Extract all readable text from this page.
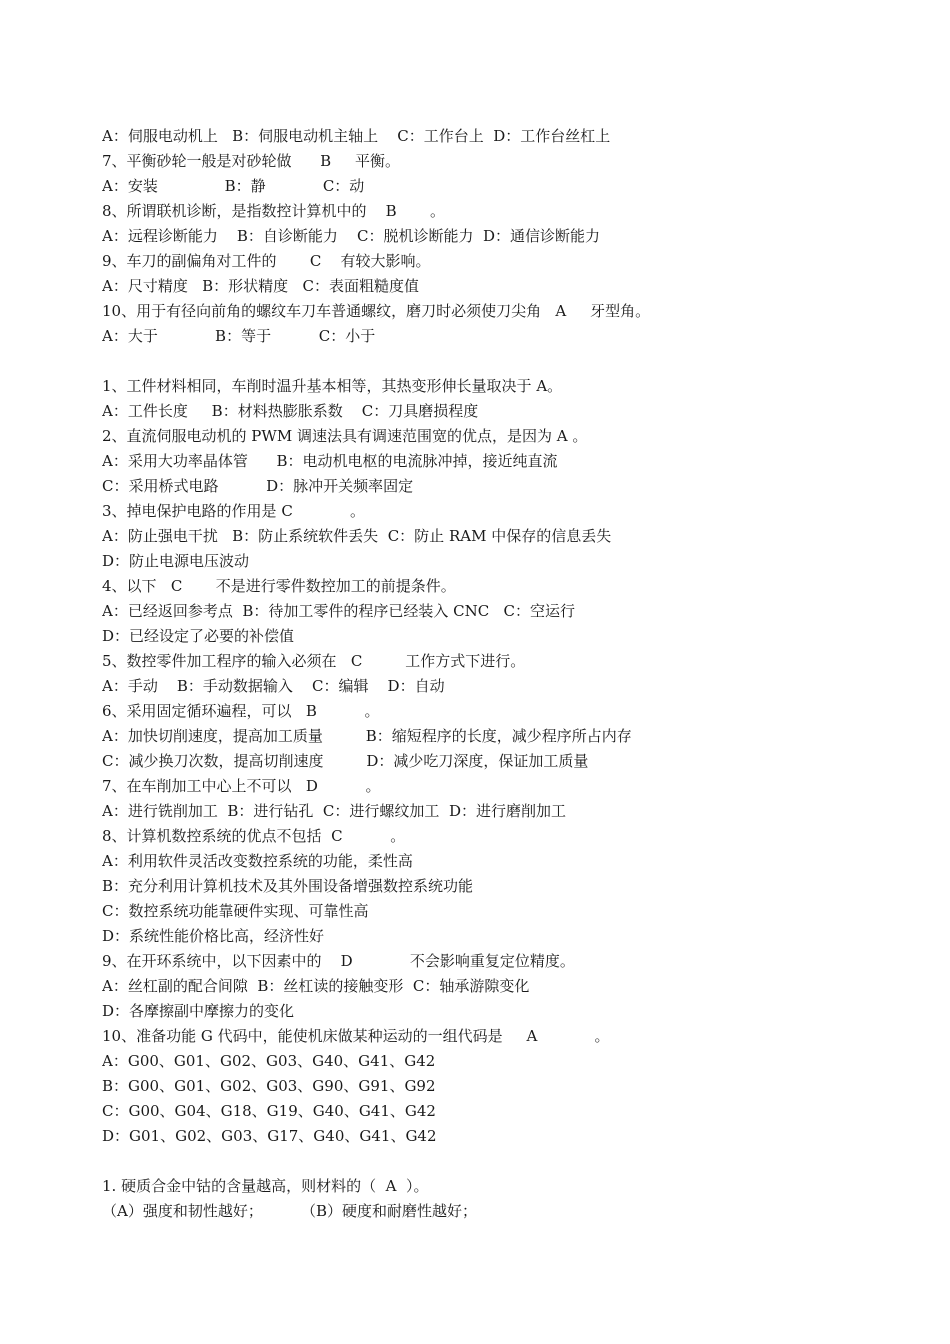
A：伺服电动机上   B：伺服电动机主轴上    C：工作台上  D：工作台丝杠上
7、平衡砂轮一般是对砂轮做      B     平衡。
A：安装              B：静            C：动
8、所谓联机诊断，是指数控计算机中的    B       。
A：远程诊断能力    B：自诊断能力    C：脱机诊断能力  D：通信诊断能力
9、车刀的副偏角对工件的       C    有较大影响。
A：尺寸精度   B：形状精度   C：表面粗糙度值
10、用于有径向前角的螺纹车刀车普通螺纹，磨刀时必须使刀尖角   A     牙型角。
A：大于            B：等于          C：小于
1、工件材料相同，车削时温升基本相等，其热变形伸长量取决于 A。
A：工件长度     B：材料热膨胀系数    C：刀具磨损程度
2、直流伺服电动机的 PWM 调速法具有调速范围宽的优点，是因为 A 。
A：采用大功率晶体管      B：电动机电枢的电流脉冲掉，接近纯直流
C：采用桥式电路          D：脉冲开关频率固定
3、掉电保护电路的作用是 C            。
A：防止强电干扰   B：防止系统软件丢失  C：防止 RAM 中保存的信息丢失
D：防止电源电压波动
4、以下   C       不是进行零件数控加工的前提条件。
A：已经返回参考点  B：待加工零件的程序已经装入 CNC   C：空运行
D：已经设定了必要的补偿值
5、数控零件加工程序的输入必须在   C         工作方式下进行。
A：手动    B：手动数据输入    C：编辑    D：自动
6、采用固定循环遍程，可以   B          。
A：加快切削速度，提高加工质量         B：缩短程序的长度，减少程序所占内存
C：减少换刀次数，提高切削速度         D：减少吃刀深度，保证加工质量
7、在车削加工中心上不可以   D          。
A：进行铣削加工  B：进行钻孔  C：进行螺纹加工  D：进行磨削加工
8、计算机数控系统的优点不包括  C          。
A：利用软件灵活改变数控系统的功能，柔性高
B：充分利用计算机技术及其外围设备增强数控系统功能
C：数控系统功能靠硬件实现、可靠性高
D：系统性能价格比高，经济性好
9、在开环系统中，以下因素中的    D            不会影响重复定位精度。
A：丝杠副的配合间隙  B：丝杠读的接触变形  C：轴承游隙变化
D：各摩擦副中摩擦力的变化
10、准备功能 G 代码中，能使机床做某种运动的一组代码是     A            。
A：G00、G01、G02、G03、G40、G41、G42
B：G00、G01、G02、G03、G90、G91、G92
C：G00、G04、G18、G19、G40、G41、G42
D：G01、G02、G03、G17、G40、G41、G42
1. 硬质合金中钴的含量越高，则材料的（  A  ）。
（A）强度和韧性越好；        （B）硬度和耐磨性越好；
